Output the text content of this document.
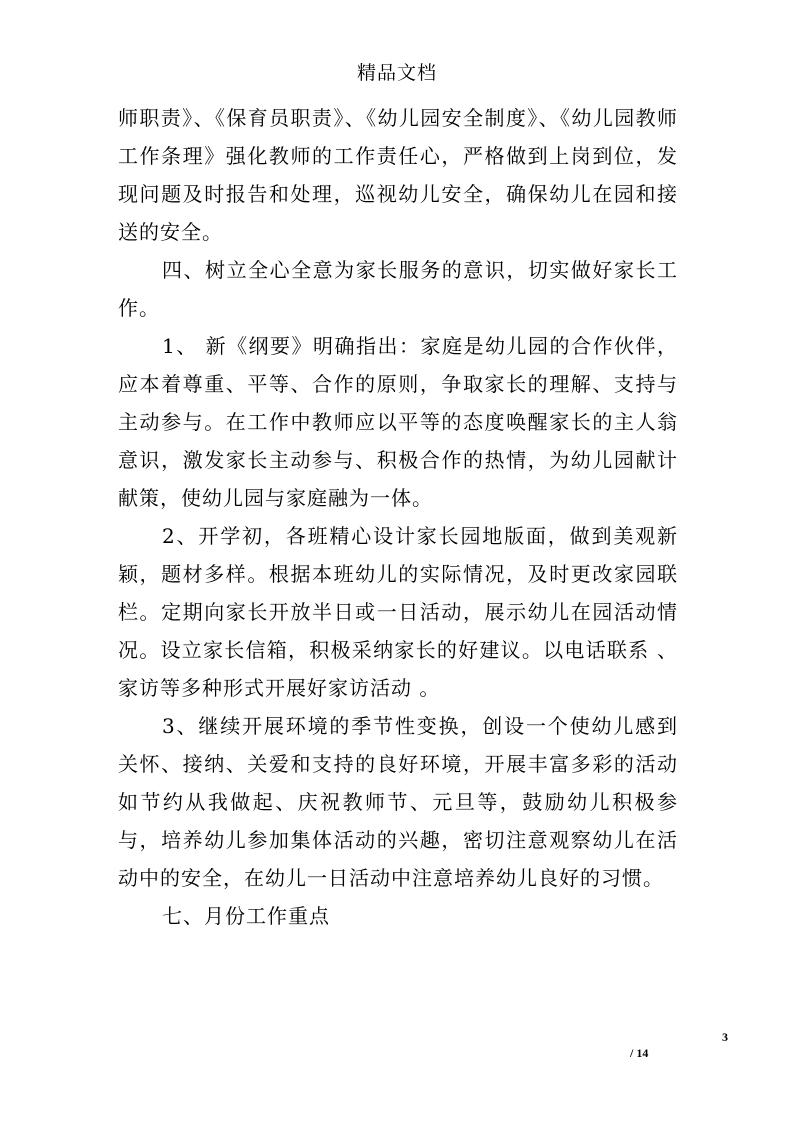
精品文档

师职责》、《保育员职责》、《幼儿园安全制度》、《幼儿园教师工作条理》强化教师的工作责任心，严格做到上岗到位，发现问题及时报告和处理，巡视幼儿安全，确保幼儿在园和接送的安全。

四、树立全心全意为家长服务的意识，切实做好家长工作。

1、 新《纲要》明确指出：家庭是幼儿园的合作伙伴，应本着尊重、平等、合作的原则，争取家长的理解、支持与主动参与。在工作中教师应以平等的态度唤醒家长的主人翁意识，激发家长主动参与、积极合作的热情，为幼儿园献计献策，使幼儿园与家庭融为一体。

2、开学初，各班精心设计家长园地版面，做到美观新颖，题材多样。根据本班幼儿的实际情况，及时更改家园联栏。定期向家长开放半日或一日活动，展示幼儿在园活动情况。设立家长信箱，积极采纳家长的好建议。以电话联系 、家访等多种形式开展好家访活动 。

3、继续开展环境的季节性变换，创设一个使幼儿感到关怀、接纳、关爱和支持的良好环境，开展丰富多彩的活动如节约从我做起、庆祝教师节、元旦等，鼓励幼儿积极参与，培养幼儿参加集体活动的兴趣，密切注意观察幼儿在活动中的安全，在幼儿一日活动中注意培养幼儿良好的习惯。

七、月份工作重点

3
/ 14
